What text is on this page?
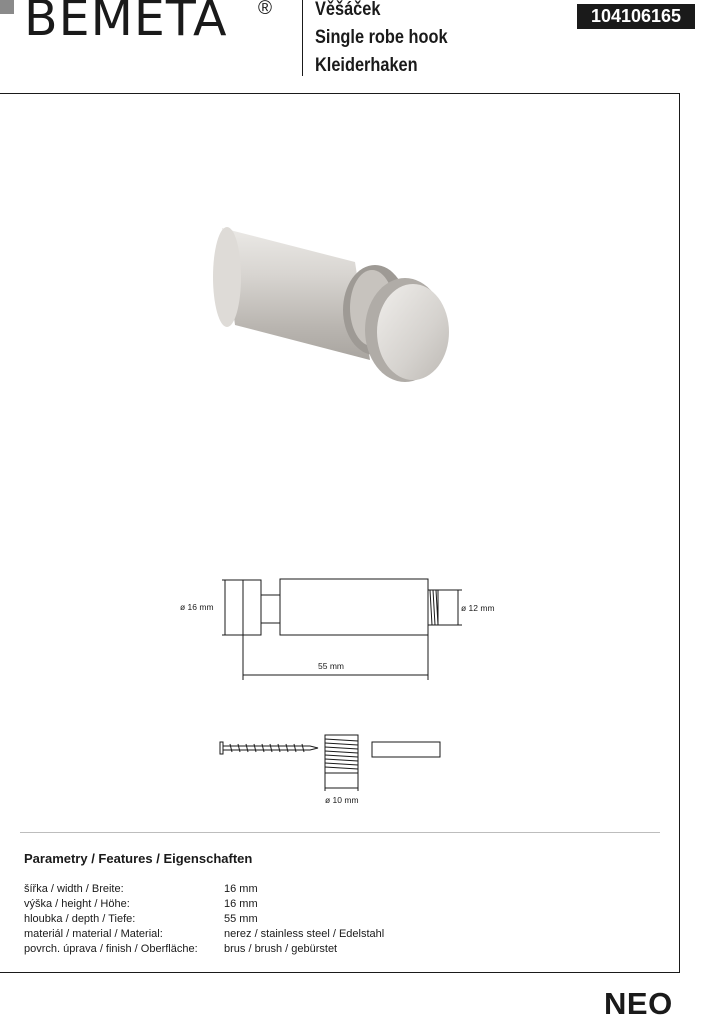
BEMETA ® Věšáček
Single robe hook
Kleiderhaken
104106165
ø 16 mm	ø 12 mm
55 mm
ø 10 mm
Parametry / Features / Eigenschaften
šířka / width / Breite:	16 mm
výška / height / Höhe:	16 mm
hloubka / depth / Tiefe:	55 mm
materiál / material / Material:	nerez / stainless steel / Edelstahl
povrch. úprava / finish / Oberfläche:	brus / brush / gebürstet
NEO
